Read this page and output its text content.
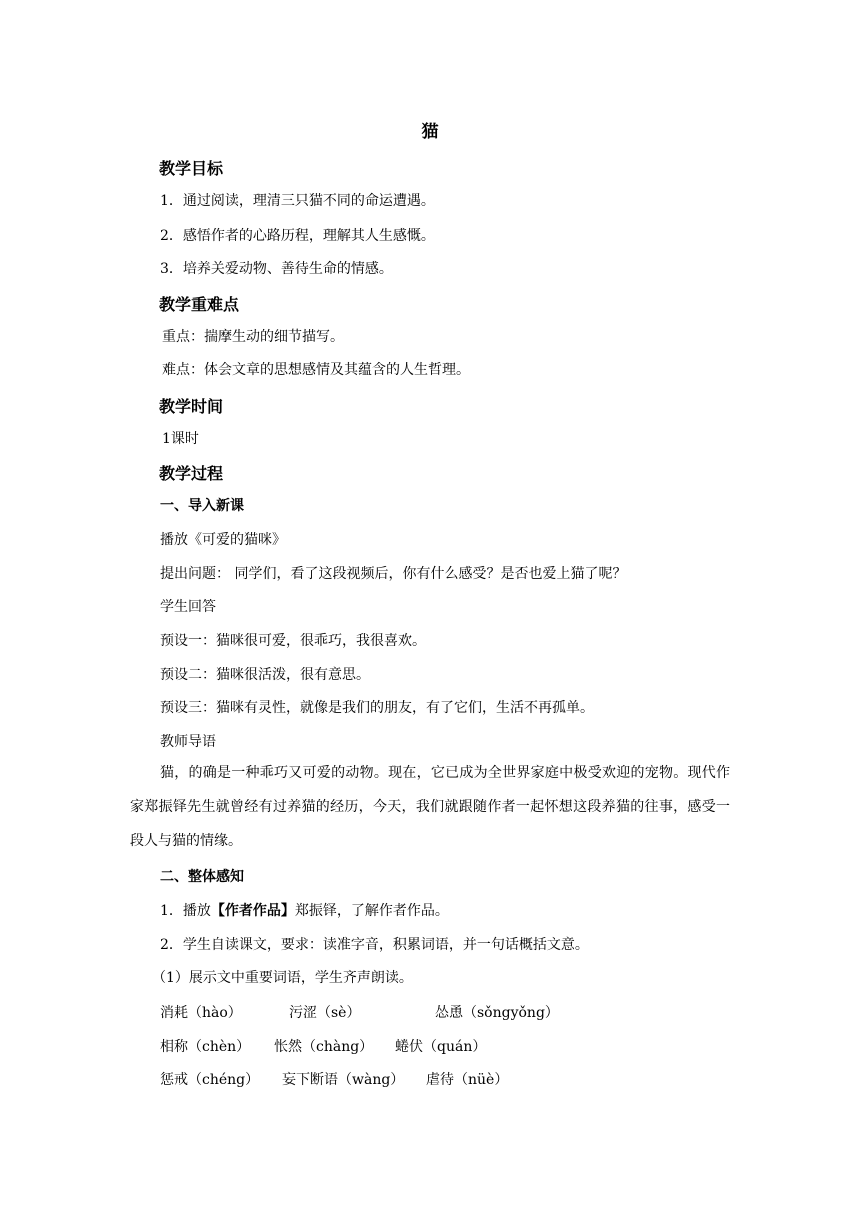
猫
教学目标
1．通过阅读，理清三只猫不同的命运遭遇。
2．感悟作者的心路历程，理解其人生感慨。
3．培养关爱动物、善待生命的情感。
教学重难点
重点：揣摩生动的细节描写。
难点：体会文章的思想感情及其蕴含的人生哲理。
教学时间
1课时
教学过程
一、导入新课
播放《可爱的猫咪》
提出问题： 同学们，看了这段视频后，你有什么感受？是否也爱上猫了呢？
学生回答
预设一：猫咪很可爱，很乖巧，我很喜欢。
预设二：猫咪很活泼，很有意思。
预设三：猫咪有灵性，就像是我们的朋友，有了它们，生活不再孤单。
教师导语
猫，的确是一种乖巧又可爱的动物。现在，它已成为全世界家庭中极受欢迎的宠物。现代作家郑振铎先生就曾经有过养猫的经历，今天，我们就跟随作者一起怀想这段养猫的往事，感受一段人与猫的情缘。
二、整体感知
1．播放【作者作品】郑振铎，了解作者作品。
2．学生自读课文，要求：读准字音，积累词语，并一句话概括文意。
（1）展示文中重要词语，学生齐声朗读。
消耗（hào）	污涩（sè）	怂恿（sǒngyǒng）
相称（chèn） 怅然（chàng） 蜷伏（quán）
惩戒（chéng） 妄下断语（wàng） 虐待（nüè）
